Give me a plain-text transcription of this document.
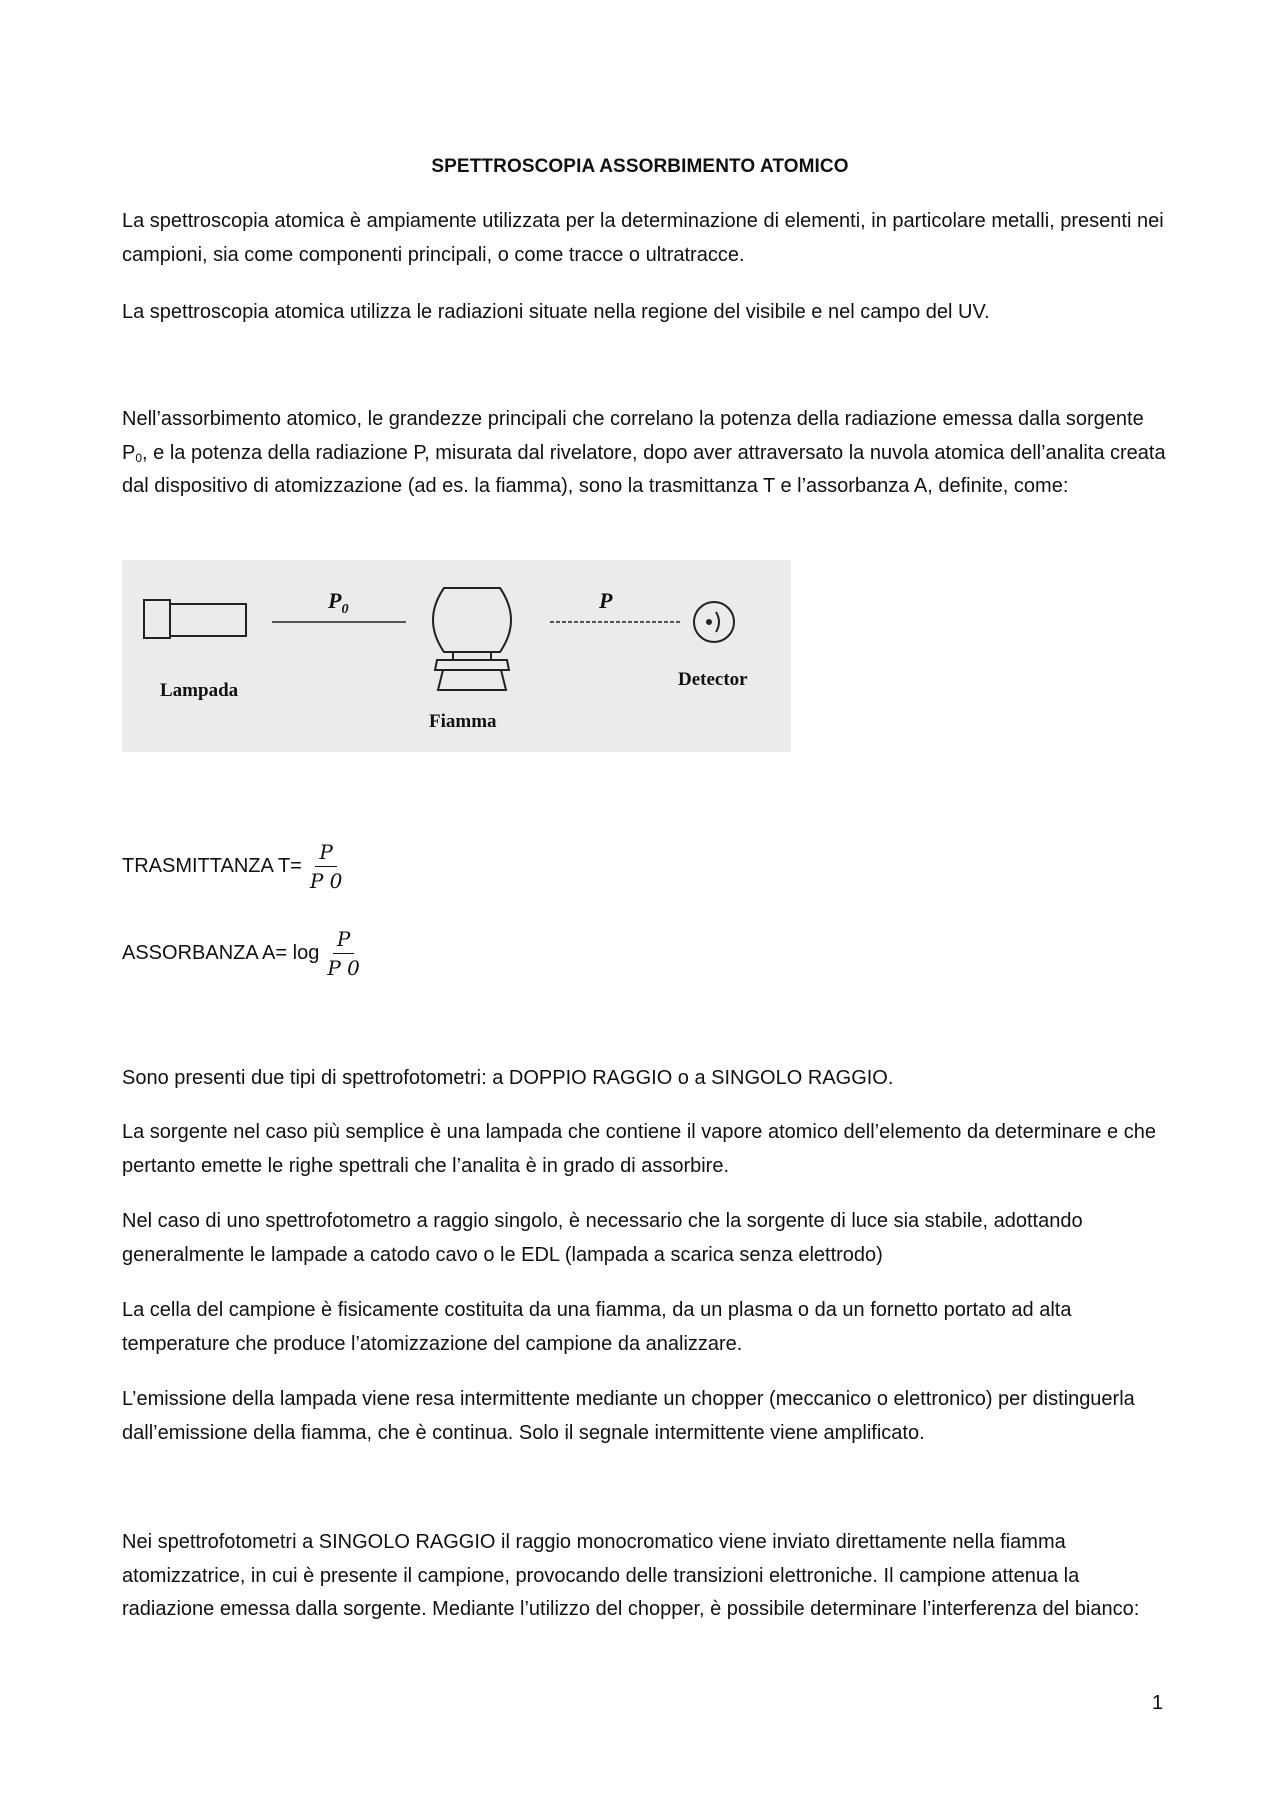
SPETTROSCOPIA ASSORBIMENTO ATOMICO

La spettroscopia atomica è ampiamente utilizzata per la determinazione di elementi, in particolare metalli, presenti nei campioni, sia come componenti principali, o come tracce o ultratracce.

La spettroscopia atomica utilizza le radiazioni situate nella regione del visibile e nel campo del UV.

Nell’assorbimento atomico, le grandezze principali che correlano la potenza della radiazione emessa dalla sorgente $P_0$, e la potenza della radiazione P, misurata dal rivelatore, dopo aver attraversato la nuvola atomica dell’analita creata dal dispositivo di atomizzazione (ad es. la fiamma), sono la trasmittanza T e l’assorbanza A, definite, come:

$P_0$	P
Lampada
Fiamma
Detector
TRASMITTANZA $T= \frac{P}{P 0}$
ASSORBANZA $A= \log \frac{P}{P 0}$

Sono presenti due tipi di spettrofotometri: a DOPPIO RAGGIO o a SINGOLO RAGGIO.

La sorgente nel caso più semplice è una lampada che contiene il vapore atomico dell’elemento da determinare e che pertanto emette le righe spettrali che l’analita è in grado di assorbire.

Nel caso di uno spettrofotometro a raggio singolo, è necessario che la sorgente di luce sia stabile, adottando generalmente le lampade a catodo cavo o le EDL (lampada a scarica senza elettrodo)

La cella del campione è fisicamente costituita da una fiamma, da un plasma o da un fornetto portato ad alta temperature che produce l’atomizzazione del campione da analizzare.

L’emissione della lampada viene resa intermittente mediante un chopper (meccanico o elettronico) per distinguerla dall’emissione della fiamma, che è continua. Solo il segnale intermittente viene amplificato.

Nei spettrofotometri a SINGOLO RAGGIO il raggio monocromatico viene inviato direttamente nella fiamma atomizzatrice, in cui è presente il campione, provocando delle transizioni elettroniche. Il campione attenua la radiazione emessa dalla sorgente. Mediante l’utilizzo del chopper, è possibile determinare l’interferenza del bianco:

1
